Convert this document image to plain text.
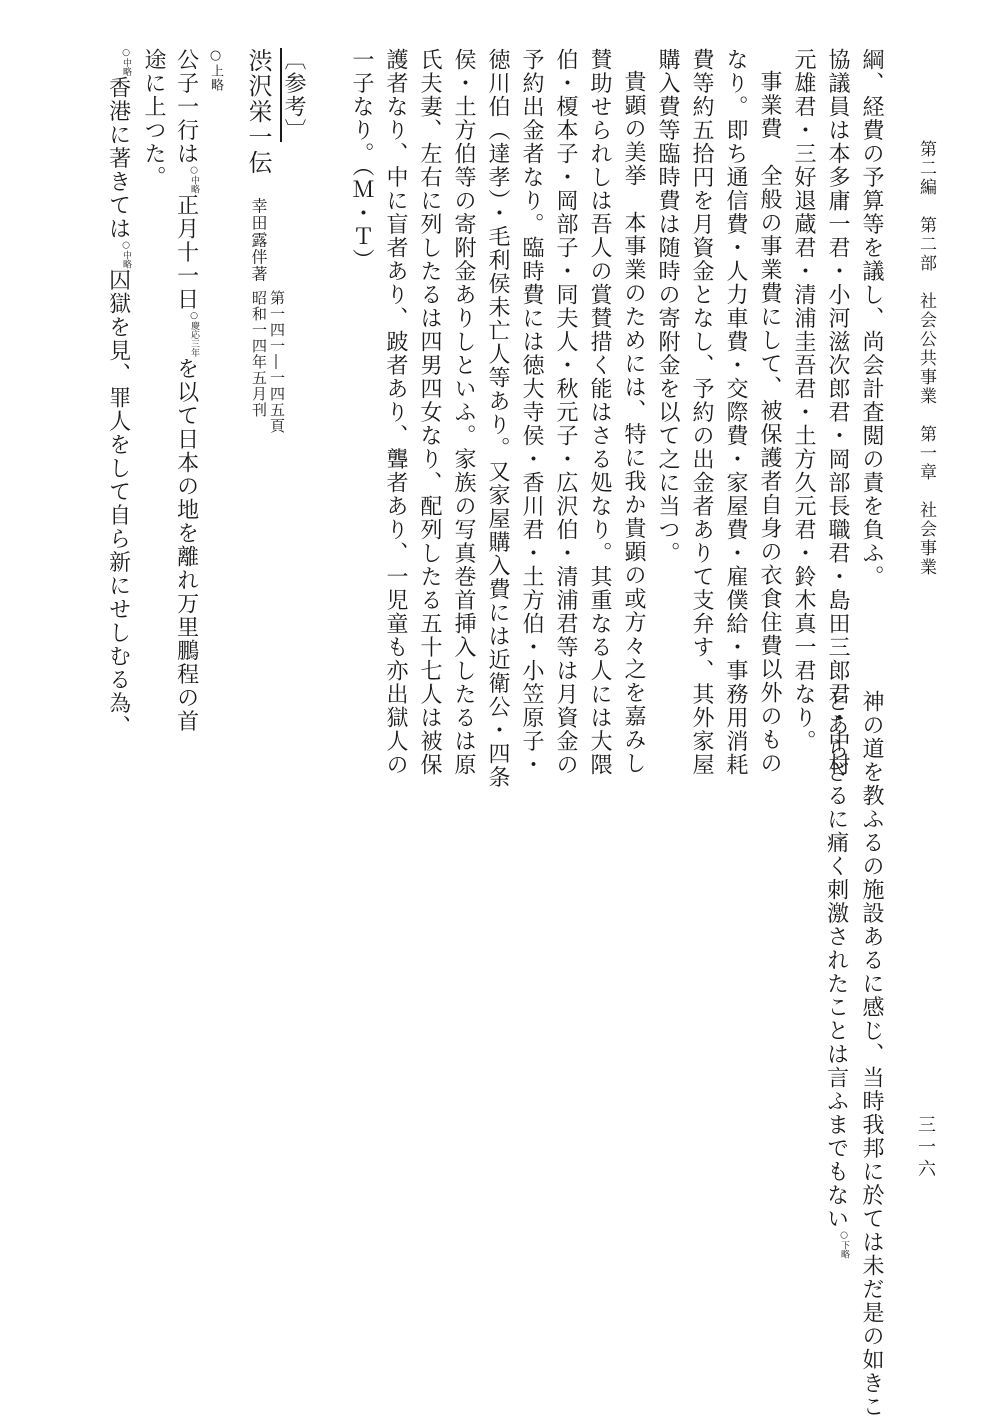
第二編　第二部　社会公共事業　第一章　社会事業
三一六
綱、経費の予算等を議し、尚会計査閲の責を負ふ。
協議員は本多庸一君・小河滋次郎君・岡部長職君・島田三郎君・中村
元雄君・三好退蔵君・清浦圭吾君・土方久元君・鈴木真一君なり。
事業費　全般の事業費にして、被保護者自身の衣食住費以外のもの
なり。即ち通信費・人力車費・交際費・家屋費・雇僕給・事務用消耗
費等約五拾円を月資金となし、予約の出金者ありて支弁す、其外家屋
購入費等臨時費は随時の寄附金を以て之に当つ。
貴顕の美挙　本事業のためには、特に我か貴顕の或方々之を嘉みし
賛助せられしは吾人の賞賛措く能はさる処なり。其重なる人には大隈
伯・榎本子・岡部子・同夫人・秋元子・広沢伯・清浦君等は月資金の
予約出金者なり。臨時費には徳大寺侯・香川君・土方伯・小笠原子・
徳川伯（達孝）・毛利侯未亡人等あり。又家屋購入費には近衛公・四条
侯・土方伯等の寄附金ありしといふ。家族の写真巻首挿入したるは原
氏夫妻、左右に列したるは四男四女なり、配列したる五十七人は被保
護者なり、中に盲者あり、跛者あり、聾者あり、一児童も亦出獄人の
一子なり。（Ｍ・Ｔ）
〔参考〕
渋沢栄一伝幸田露伴著
第一四一―一四五頁
昭和一四年五月刊
○上略
公子一行は$^{○中略}$正月十一日$^{○慶応三年}$を以て日本の地を離れ万里鵬程の首
途に上つた。
$^{○中略}$香港に著きては$^{○中略}$囚獄を見、罪人をして自ら新にせしむる為、
神の道を教ふるの施設あるに感じ、当時我邦に於ては未だ是の如きこ
とあらざるに痛く刺激されたことは言ふまでもない$^{○下略}$
